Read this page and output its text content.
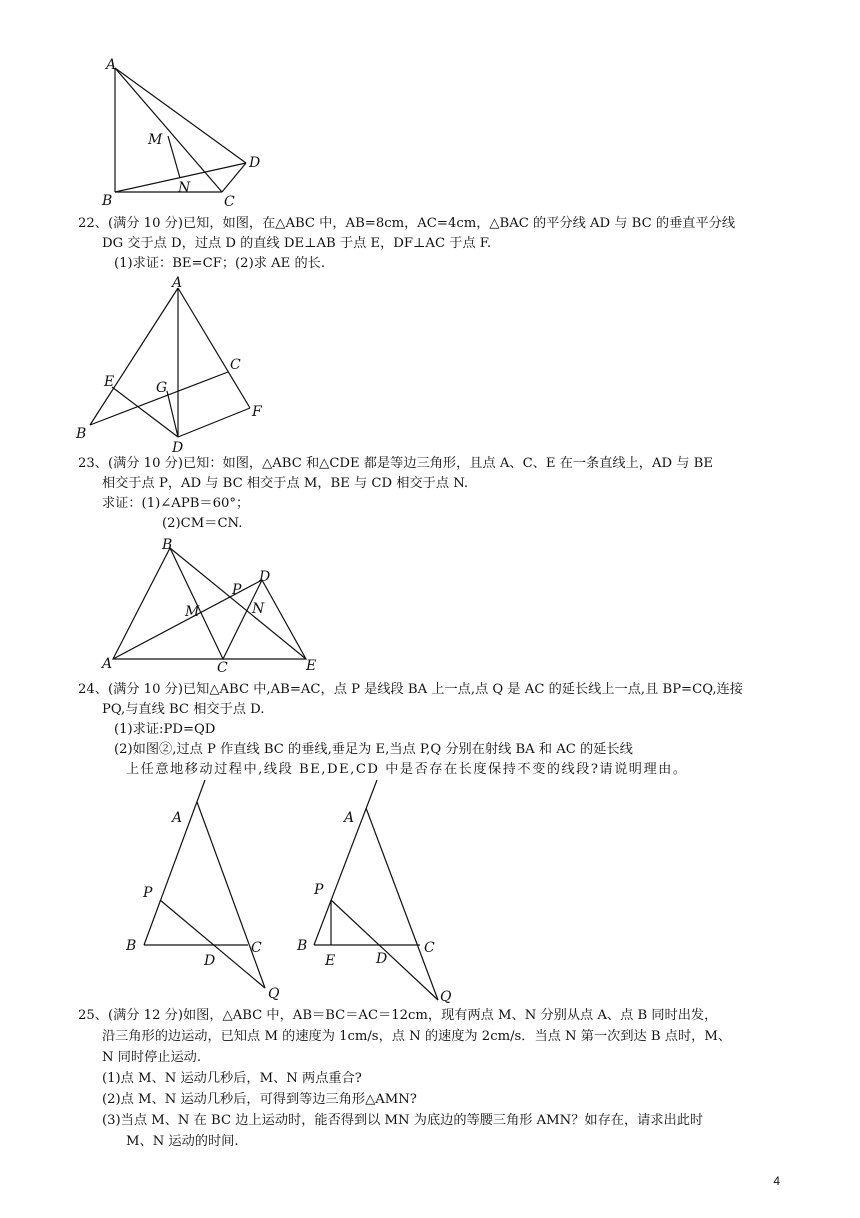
A
M
D
B
N
C

22、(满分 10 分)已知，如图，在△ABC 中，AB=8cm，AC=4cm，△BAC 的平分线 AD 与 BC 的垂直平分线

DG 交于点 D，过点 D 的直线 DE⊥AB 于点 E，DF⊥AC 于点 F.

(1)求证：BE=CF；(2)求 AE 的长.

A
C
E	G
F
B
D

23、(满分 10 分)已知：如图，△ABC 和△CDE 都是等边三角形，且点 A、C、E 在一条直线上，AD 与 BE

相交于点 P，AD 与 BC 相交于点 M，BE 与 CD 相交于点 N.

求证：(1)∠APB＝60°；

(2)CM＝CN.

B
D
P
M	N
A	C	E

24、(满分 10 分)已知△ABC 中,AB=AC，点 P 是线段 BA 上一点,点 Q 是 AC 的延长线上一点,且 BP=CQ,连接

PQ,与直线 BC 相交于点 D.

(1)求证:PD=QD

(2)如图②,过点 P 作直线 BC 的垂线,垂足为 E,当点 P,Q 分别在射线 BA 和 AC 的延长线

上任意地移动过程中,线段 BE,DE,CD 中是否存在长度保持不变的线段?请说明理由。

A
P
B	C
D
Q
A
P
B
E	D
C
Q

25、(满分 12 分)如图，△ABC 中，AB＝BC＝AC＝12cm，现有两点 M、N 分别从点 A、点 B 同时出发，

沿三角形的边运动，已知点 M 的速度为 1cm/s，点 N 的速度为 2cm/s．当点 N 第一次到达 B 点时，M、

N 同时停止运动.

(1)点 M、N 运动几秒后，M、N 两点重合?

(2)点 M、N 运动几秒后，可得到等边三角形△AMN?

(3)当点 M、N 在 BC 边上运动时，能否得到以 MN 为底边的等腰三角形 AMN？如存在，请求出此时

M、N 运动的时间.

4
